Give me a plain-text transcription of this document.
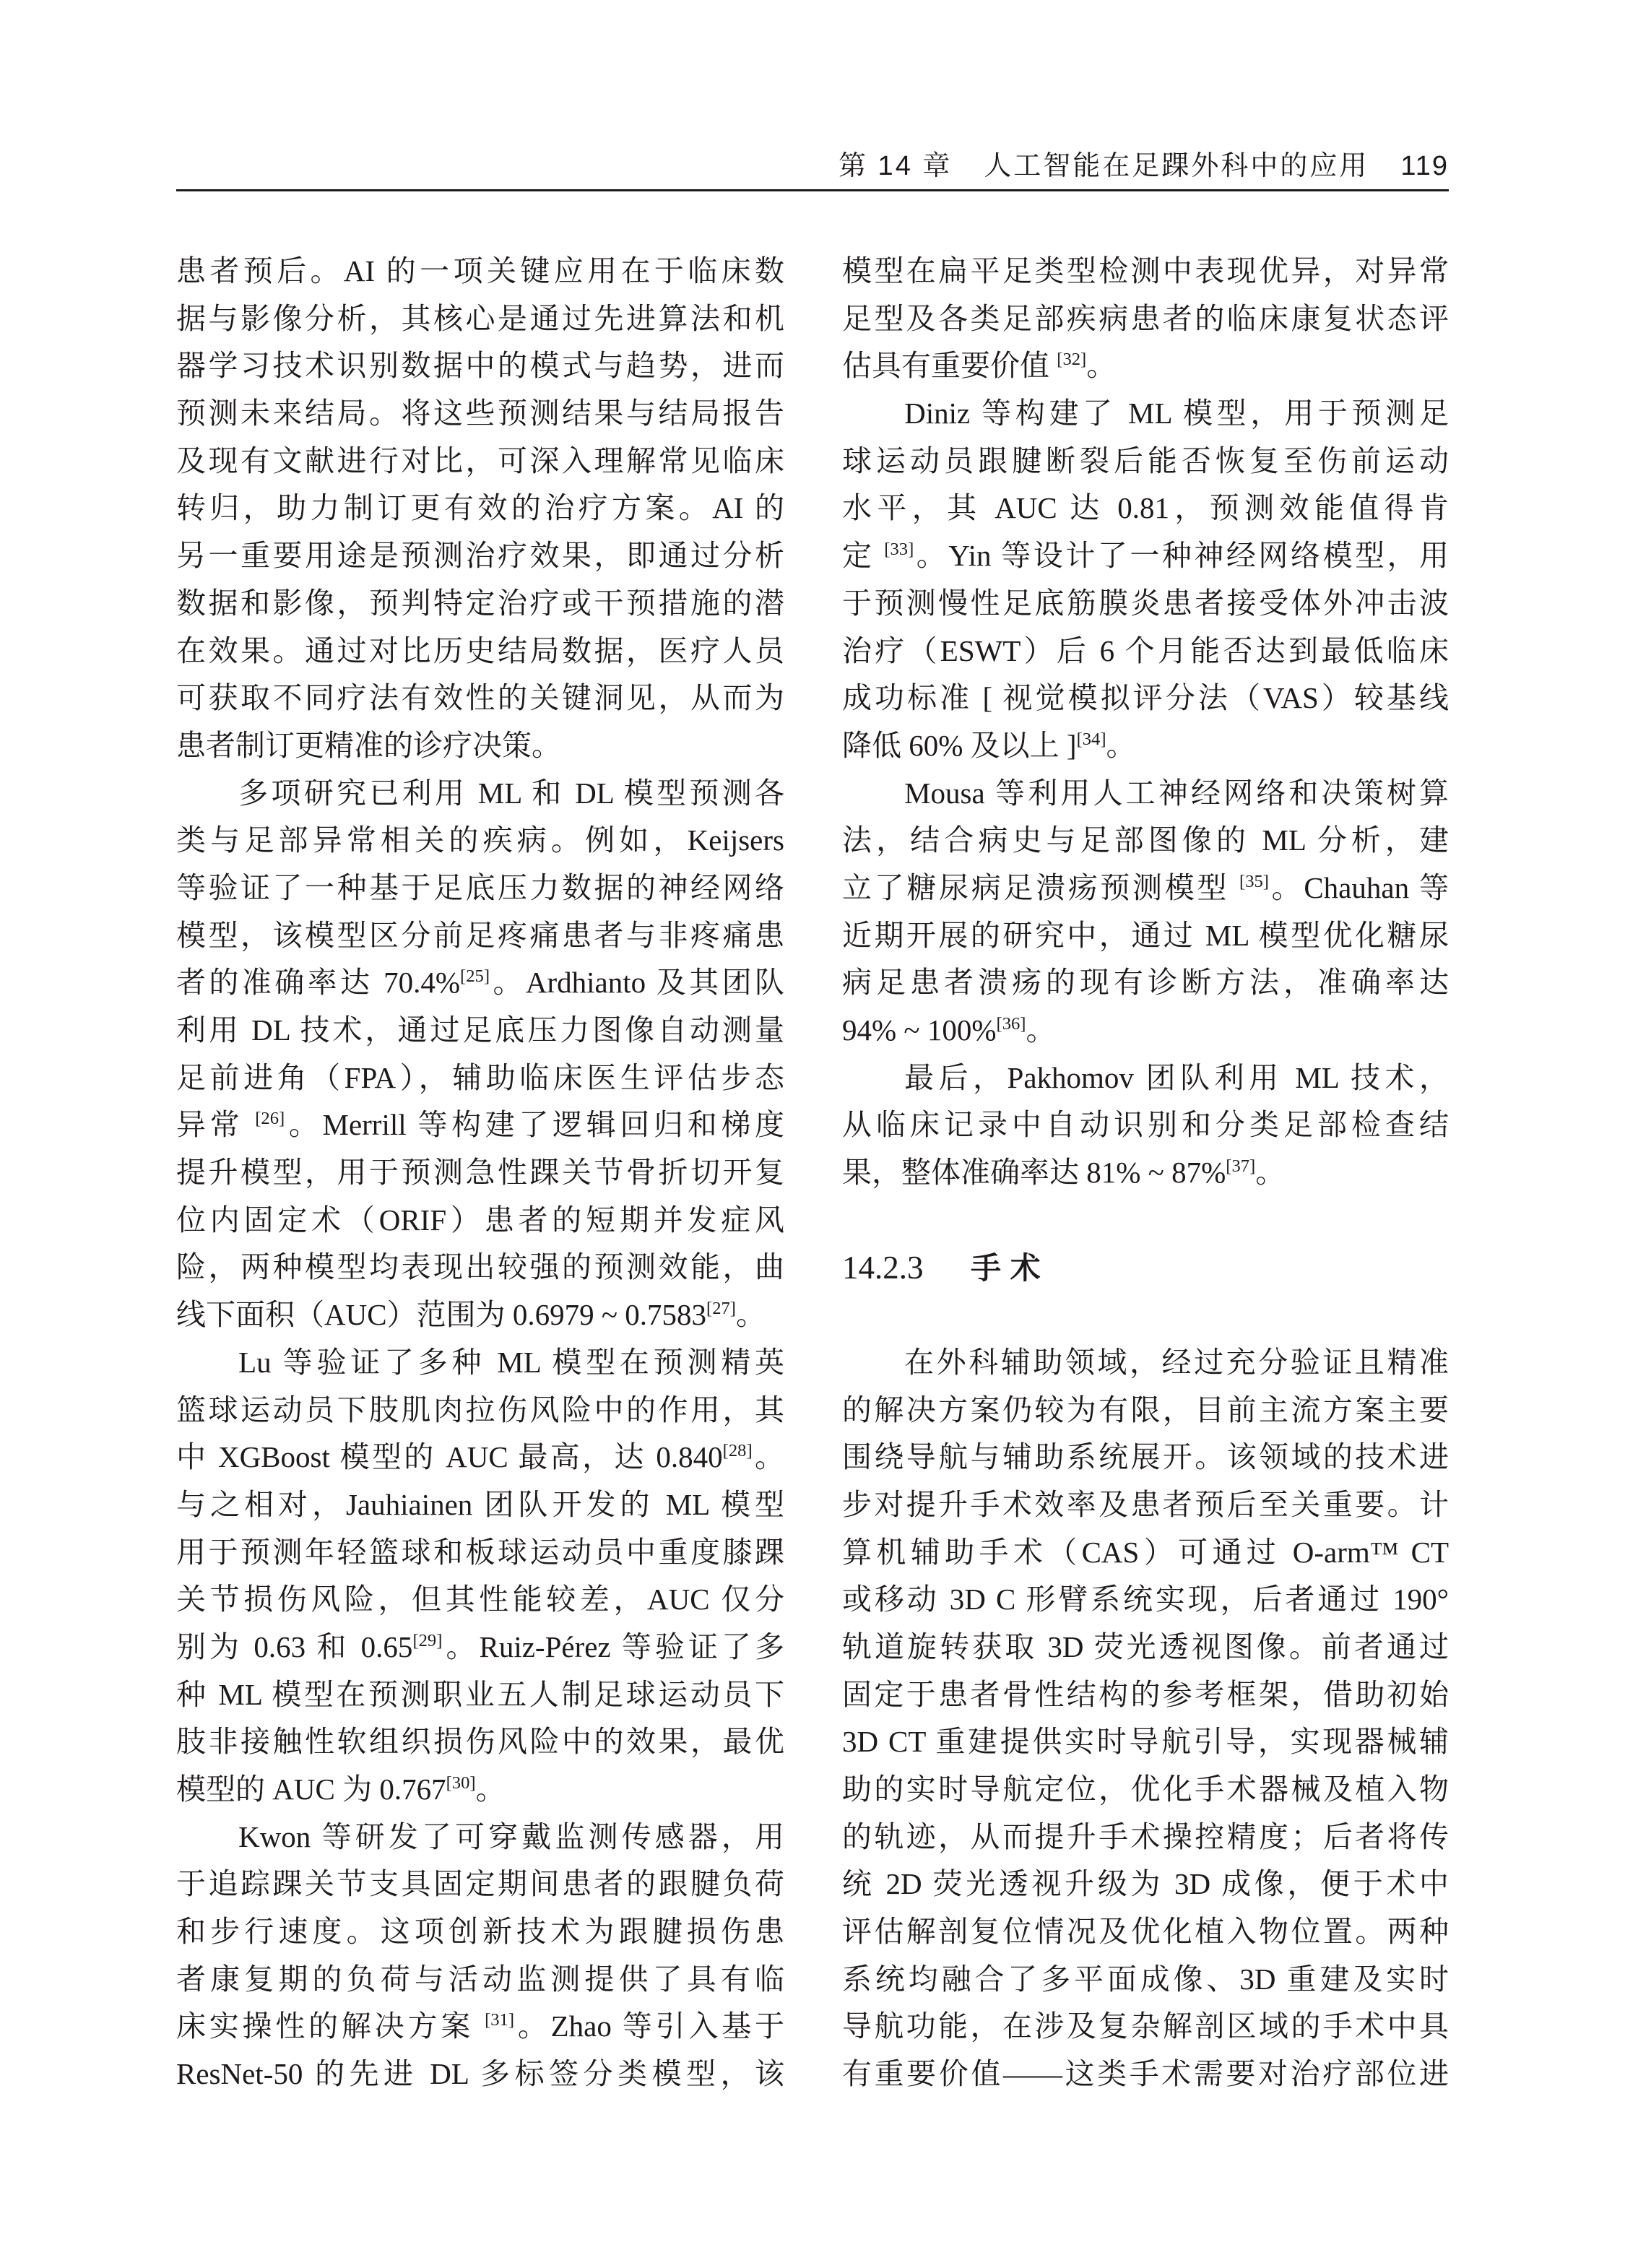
第 14 章 人工智能在足踝外科中的应用 119
患者预后。AI 的一项关键应用在于临床数
据与影像分析，其核心是通过先进算法和机
器学习技术识别数据中的模式与趋势，进而
预测未来结局。将这些预测结果与结局报告
及现有文献进行对比，可深入理解常见临床
转归，助力制订更有效的治疗方案。AI 的
另一重要用途是预测治疗效果，即通过分析
数据和影像，预判特定治疗或干预措施的潜
在效果。通过对比历史结局数据，医疗人员
可获取不同疗法有效性的关键洞见，从而为
患者制订更精准的诊疗决策。
多项研究已利用 ML 和 DL 模型预测各
类与足部异常相关的疾病。例如，Keijsers
等验证了一种基于足底压力数据的神经网络
模型，该模型区分前足疼痛患者与非疼痛患
者的准确率达 70.4%[25]。Ardhianto 及其团队
利用 DL 技术，通过足底压力图像自动测量
足前进角（FPA），辅助临床医生评估步态
异常 [26]。Merrill 等构建了逻辑回归和梯度
提升模型，用于预测急性踝关节骨折切开复
位内固定术（ORIF）患者的短期并发症风
险，两种模型均表现出较强的预测效能，曲
线下面积（AUC）范围为 0.6979 ~ 0.7583[27]。
Lu 等验证了多种 ML 模型在预测精英
篮球运动员下肢肌肉拉伤风险中的作用，其
中 XGBoost 模型的 AUC 最高，达 0.840[28]。
与之相对，Jauhiainen 团队开发的 ML 模型
用于预测年轻篮球和板球运动员中重度膝踝
关节损伤风险，但其性能较差，AUC 仅分
别为 0.63 和 0.65[29]。Ruiz-Pérez 等验证了多
种 ML 模型在预测职业五人制足球运动员下
肢非接触性软组织损伤风险中的效果，最优
模型的 AUC 为 0.767[30]。
Kwon 等研发了可穿戴监测传感器，用
于追踪踝关节支具固定期间患者的跟腱负荷
和步行速度。这项创新技术为跟腱损伤患
者康复期的负荷与活动监测提供了具有临
床实操性的解决方案 [31]。Zhao 等引入基于
ResNet-50 的先进 DL 多标签分类模型，该
模型在扁平足类型检测中表现优异，对异常
足型及各类足部疾病患者的临床康复状态评
估具有重要价值 [32]。
Diniz 等构建了 ML 模型，用于预测足
球运动员跟腱断裂后能否恢复至伤前运动
水平，其 AUC 达 0.81，预测效能值得肯
定 [33]。Yin 等设计了一种神经网络模型，用
于预测慢性足底筋膜炎患者接受体外冲击波
治疗（ESWT）后 6 个月能否达到最低临床
成功标准 [ 视觉模拟评分法（VAS）较基线
降低 60% 及以上 ][34]。
Mousa 等利用人工神经网络和决策树算
法，结合病史与足部图像的 ML 分析，建
立了糖尿病足溃疡预测模型 [35]。Chauhan 等
近期开展的研究中，通过 ML 模型优化糖尿
病足患者溃疡的现有诊断方法，准确率达
94% ~ 100%[36]。
最后，Pakhomov 团队利用 ML 技术，
从临床记录中自动识别和分类足部检查结
果，整体准确率达 81% ~ 87%[37]。
14.2.3 手术
在外科辅助领域，经过充分验证且精准
的解决方案仍较为有限，目前主流方案主要
围绕导航与辅助系统展开。该领域的技术进
步对提升手术效率及患者预后至关重要。计
算机辅助手术（CAS）可通过 O-arm™ CT
或移动 3D C 形臂系统实现，后者通过 190°
轨道旋转获取 3D 荧光透视图像。前者通过
固定于患者骨性结构的参考框架，借助初始
3D CT 重建提供实时导航引导，实现器械辅
助的实时导航定位，优化手术器械及植入物
的轨迹，从而提升手术操控精度；后者将传
统 2D 荧光透视升级为 3D 成像，便于术中
评估解剖复位情况及优化植入物位置。两种
系统均融合了多平面成像、3D 重建及实时
导航功能，在涉及复杂解剖区域的手术中具
有重要价值——这类手术需要对治疗部位进
